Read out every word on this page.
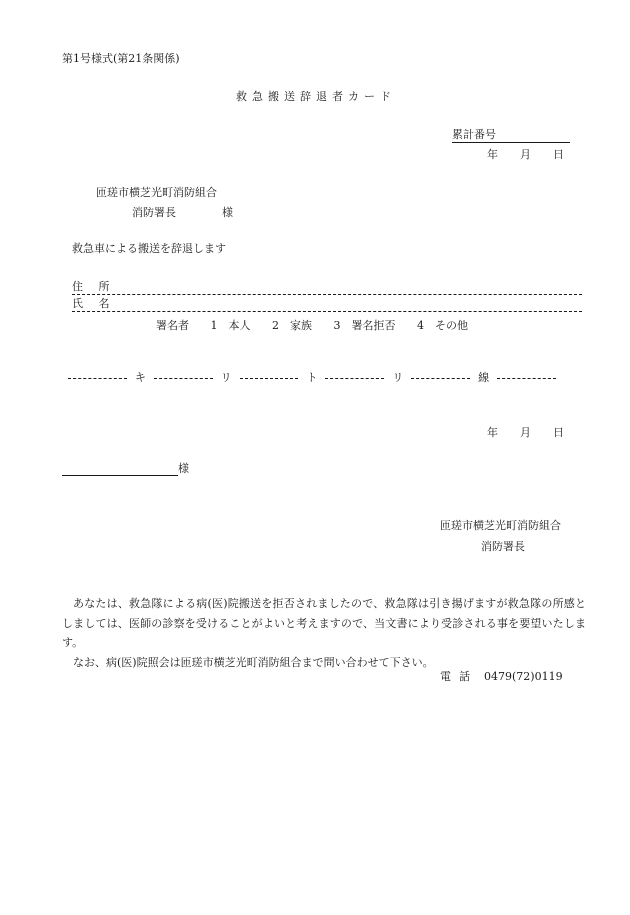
第1号様式(第21条関係)
救急搬送辞退者カード
累計番号
年 月 日
匝瑳市横芝光町消防組合
消防署長	様
救急車による搬送を辞退します
住 所
氏 名
署名者 1　本人 2　家族 3　署名拒否 4　その他
キ	リ	ト	リ	線
年 月 日
様
匝瑳市横芝光町消防組合
消防署長

あなたは、救急隊による病(医)院搬送を拒否されましたので、救急隊は引き揚げますが救急隊の所感としましては、医師の診察を受けることがよいと考えますので、当文書により受診される事を要望いたします。

なお、病(医)院照会は匝瑳市横芝光町消防組合まで問い合わせて下さい。

電話 0479(72)0119
